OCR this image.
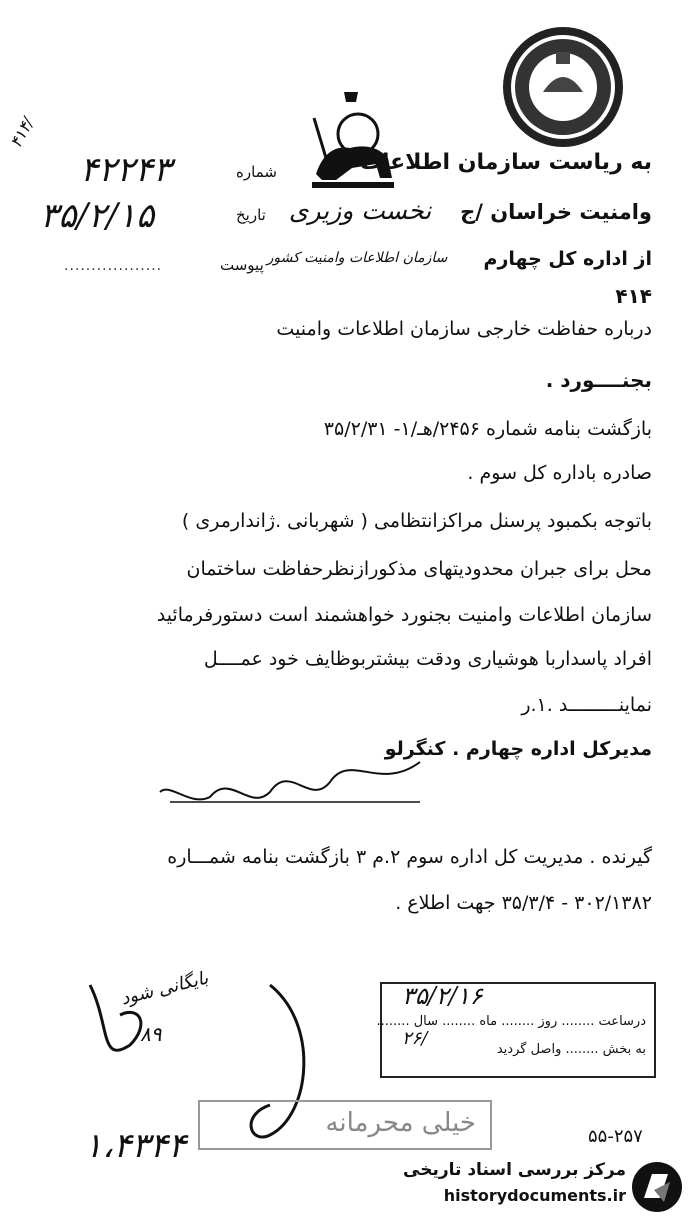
به ریاست سازمان اطلاعات
وامنیت خراسان /ج
از اداره کل چهارم
نخست وزیری
سازمان اطلاعات وامنیت کشور
شماره
تاریخ
پیوست
۴۲۲۴۳
۳۵/۲/۱۵
..................
۴۱۴/
۴۱۴
درباره حفاظت خارجی سازمان اطلاعات وامنیت
بجنــــورد .
بازگشت بنامه شماره ۲۴۵۶/هـ/۱- ۳۵/۲/۳۱
صادره باداره کل سوم .
باتوجه بکمبود پرسنل مراکزانتظامی ( شهربانی .ژاندارمری )
محل برای جبران محدودیتهای مذکورازنظرحفاظت ساختمان
سازمان اطلاعات وامنیت بجنورد خواهشمند است دستورفرمائید
افراد پاسداربا هوشیاری ودقت بیشتربوظایف خود عمــــل
نماینـــــــــد .۱.ر
مدیرکل اداره چهارم . کنگرلو
گیرنده . مدیریت کل اداره سوم ۲.م ۳ بازگشت بنامه شمـــاره
۳۰۲/۱۳۸۲ - ۳۵/۳/۴ جهت اطلاع .
بایگانی شود
۸۹
۳۵/۲/۱۶
درساعت ........ روز ........ ماه ........ سال ........
به بخش ........ واصل گردید
۲۶/
خیلی محرمانه
۱،۴۳۴۴	۵۵-۲۵۷
مرکز بررسی اسناد تاریخی
historydocuments.ir
